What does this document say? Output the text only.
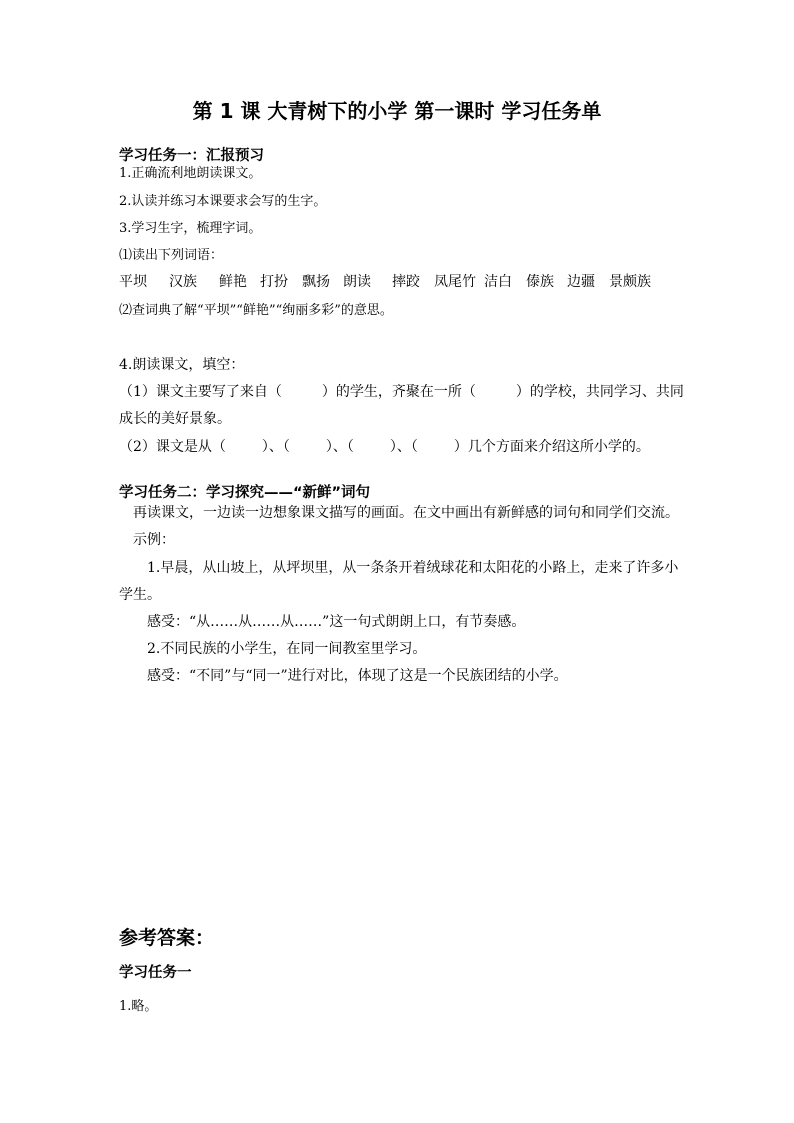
第 1 课 大青树下的小学 第一课时 学习任务单
学习任务一：汇报预习
1.正确流利地朗读课文。
2.认读并练习本课要求会写的生字。
3.学习生字，梳理字词。
⑴读出下列词语：
平坝 汉族 鲜艳 打扮 飘扬 朗读 摔跤 凤尾竹 洁白 傣族 边疆 景颇族
⑵查词典了解“平坝”“鲜艳”“绚丽多彩”的意思。
4.朗读课文，填空：
（1）课文主要写了来自（	）的学生，齐聚在一所（	）的学校，共同学习、共同
成长的美好景象。
（2）课文是从（	）、（	）、（	）、（	）几个方面来介绍这所小学的。
学习任务二：学习探究——“新鲜”词句
再读课文，一边读一边想象课文描写的画面。在文中画出有新鲜感的词句和同学们交流。
示例：
1.早晨，从山坡上，从坪坝里，从一条条开着绒球花和太阳花的小路上，走来了许多小
学生。
感受：“从……从……从……”这一句式朗朗上口，有节奏感。
2.不同民族的小学生，在同一间教室里学习。
感受：“不同”与“同一”进行对比，体现了这是一个民族团结的小学。
参考答案：
学习任务一
1.略。
